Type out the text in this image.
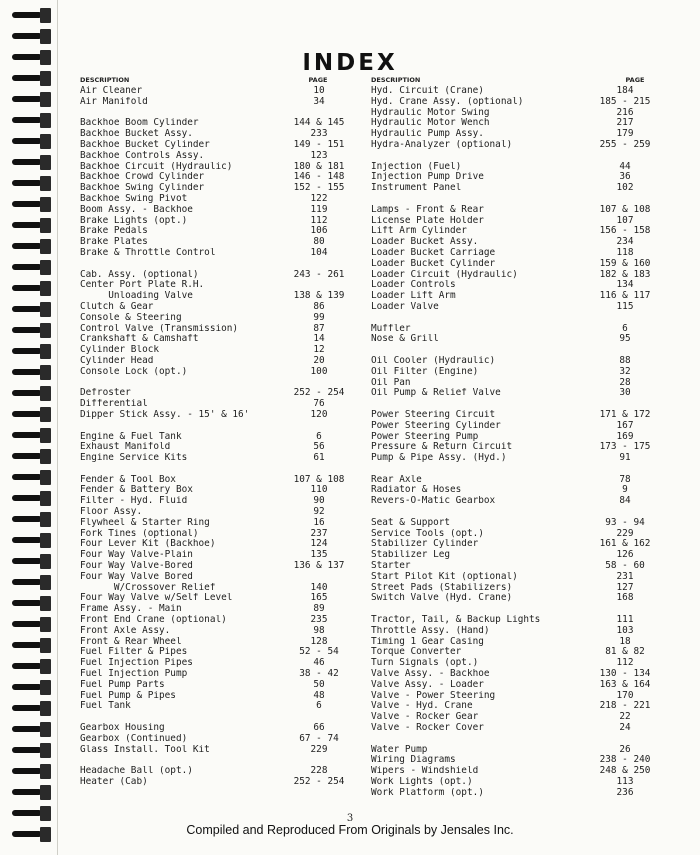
INDEX
DESCRIPTION	PAGE
Air Cleaner	10
Air Manifold	34
Backhoe Boom Cylinder	144 & 145
Backhoe Bucket Assy.	233
Backhoe Bucket Cylinder	149 - 151
Backhoe Controls Assy.	123
Backhoe Circuit (Hydraulic)	180 & 181
Backhoe Crowd Cylinder	146 - 148
Backhoe Swing Cylinder	152 - 155
Backhoe Swing Pivot	122
Boom Assy. - Backhoe	119
Brake Lights (opt.)	112
Brake Pedals	106
Brake Plates	80
Brake & Throttle Control	104
Cab. Assy. (optional)	243 - 261
Center Port Plate R.H.
Unloading Valve	138 & 139
Clutch & Gear	86
Console & Steering	99
Control Valve (Transmission)	87
Crankshaft & Camshaft	14
Cylinder Block	12
Cylinder Head	20
Console Lock (opt.)	100
Defroster	252 - 254
Differential	76
Dipper Stick Assy. - 15' & 16'	120
Engine & Fuel Tank	6
Exhaust Manifold	56
Engine Service Kits	61
Fender & Tool Box	107 & 108
Fender & Battery Box	110
Filter - Hyd. Fluid	90
Floor Assy.	92
Flywheel & Starter Ring	16
Fork Tines (optional)	237
Four Lever Kit (Backhoe)	124
Four Way Valve-Plain	135
Four Way Valve-Bored	136 & 137
Four Way Valve Bored
W/Crossover Relief	140
Four Way Valve w/Self Level	165
Frame Assy. - Main	89
Front End Crane (optional)	235
Front Axle Assy.	98
Front & Rear Wheel	128
Fuel Filter & Pipes	52 - 54
Fuel Injection Pipes	46
Fuel Injection Pump	38 - 42
Fuel Pump Parts	50
Fuel Pump & Pipes	48
Fuel Tank	6
Gearbox Housing	66
Gearbox (Continued)	67 - 74
Glass Install. Tool Kit	229
Headache Ball (opt.)	228
Heater (Cab)	252 - 254
DESCRIPTION	PAGE
Hyd. Circuit (Crane)	184
Hyd. Crane Assy. (optional)	185 - 215
Hydraulic Motor Swing	216
Hydraulic Motor Wench	217
Hydraulic Pump Assy.	179
Hydra-Analyzer (optional)	255 - 259
Injection (Fuel)	44
Injection Pump Drive	36
Instrument Panel	102
Lamps - Front & Rear	107 & 108
License Plate Holder	107
Lift Arm Cylinder	156 - 158
Loader Bucket Assy.	234
Loader Bucket Carriage	118
Loader Bucket Cylinder	159 & 160
Loader Circuit (Hydraulic)	182 & 183
Loader Controls	134
Loader Lift Arm	116 & 117
Loader Valve	115
Muffler	6
Nose & Grill	95
Oil Cooler (Hydraulic)	88
Oil Filter (Engine)	32
Oil Pan	28
Oil Pump & Relief Valve	30
Power Steering Circuit	171 & 172
Power Steering Cylinder	167
Power Steering Pump	169
Pressure & Return Circuit	173 - 175
Pump & Pipe Assy. (Hyd.)	91
Rear Axle	78
Radiator & Hoses	9
Revers-O-Matic Gearbox	84
Seat & Support	93 - 94
Service Tools (opt.)	229
Stabilizer Cylinder	161 & 162
Stabilizer Leg	126
Starter	58 - 60
Start Pilot Kit (optional)	231
Street Pads (Stabilizers)	127
Switch Valve (Hyd. Crane)	168
Tractor, Tail, & Backup Lights	111
Throttle Assy. (Hand)	103
Timing 1 Gear Casing	18
Torque Converter	81 & 82
Turn Signals (opt.)	112
Valve Assy. - Backhoe	130 - 134
Valve Assy. - Loader	163 & 164
Valve - Power Steering	170
Valve - Hyd. Crane	218 - 221
Valve - Rocker Gear	22
Valve - Rocker Cover	24
Water Pump	26
Wiring Diagrams	238 - 240
Wipers - Windshield	248 & 250
Work Lights (opt.)	113
Work Platform (opt.)	236
3
Compiled and Reproduced From Originals by Jensales Inc.
